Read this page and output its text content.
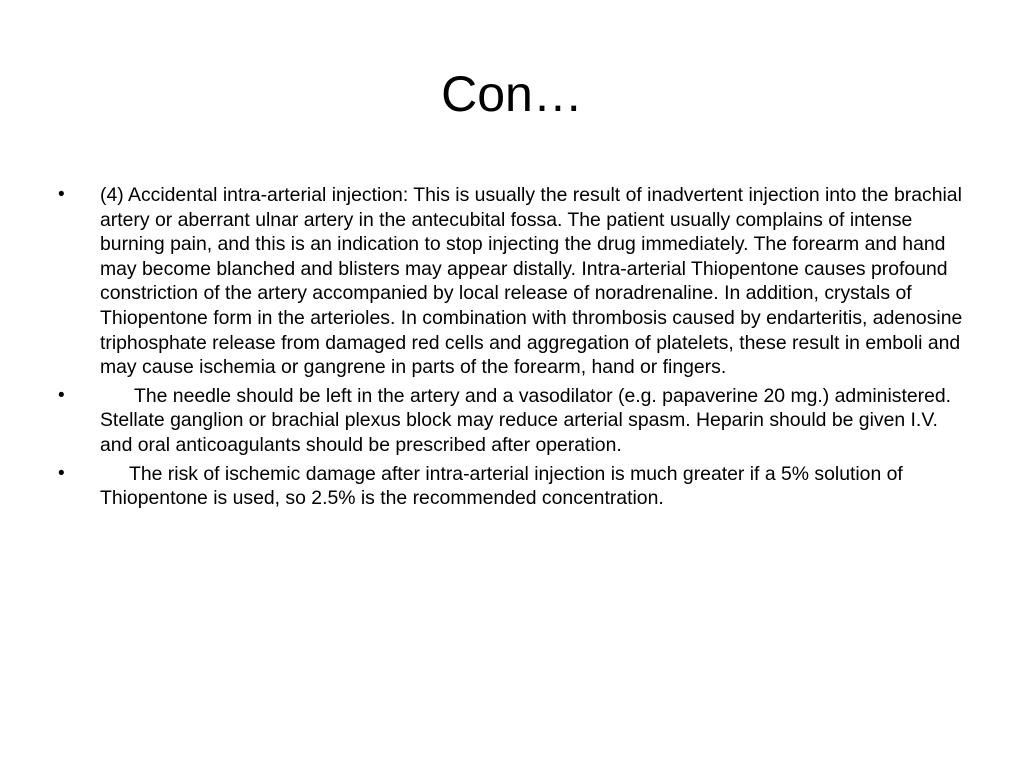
Con…
•	(4) Accidental intra-arterial injection: This is usually the result of inadvertent injection into the brachial artery or aberrant ulnar artery in the antecubital fossa. The patient usually complains of intense burning pain, and this is an indication to stop injecting the drug immediately. The forearm and hand may become blanched and blisters may appear distally. Intra-arterial Thiopentone causes profound constriction of the artery accompanied by local release of noradrenaline. In addition, crystals of Thiopentone form in the arterioles. In combination with thrombosis caused by endarteritis, adenosine triphosphate release from damaged red cells and aggregation of platelets, these result in emboli and may cause ischemia or gangrene in parts of the forearm, hand or fingers.
•	The needle should be left in the artery and a vasodilator (e.g. papaverine 20 mg.) administered. Stellate ganglion or brachial plexus block may reduce arterial spasm. Heparin should be given I.V. and oral anticoagulants should be prescribed after operation.
•	The risk of ischemic damage after intra-arterial injection is much greater if a 5% solution of Thiopentone is used, so 2.5% is the recommended concentration.
